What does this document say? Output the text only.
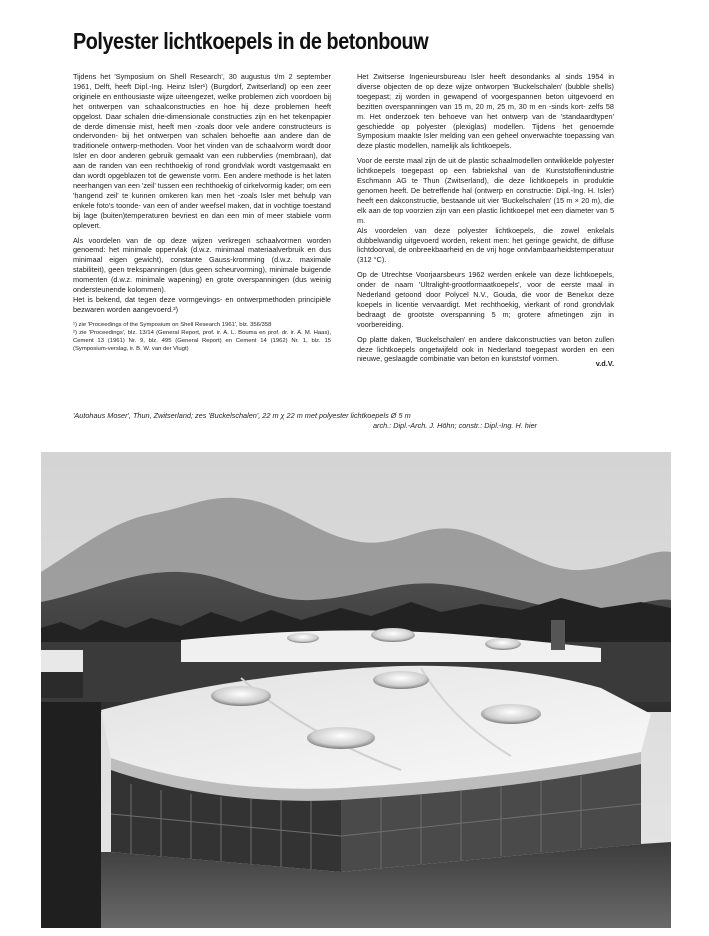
Polyester lichtkoepels in de betonbouw

Tijdens het 'Symposium on Shell Research', 30 augustus t/m 2 september 1961, Delft, heeft Dipl.-Ing. Heinz Isler¹) (Burgdorf, Zwitserland) op een zeer originele en enthousiaste wijze uiteengezet, welke problemen zich voordoen bij het ontwerpen van schaalconstructies en hoe hij deze problemen heeft opgelost. Daar schalen drie-dimensionale constructies zijn en het tekenpapier de derde dimensie mist, heeft men -zoals door vele andere constructeurs is ondervonden- bij het ontwerpen van schalen behoefte aan andere dan de traditionele ontwerp-methoden. Voor het vinden van de schaalvorm wordt door Isler en door anderen gebruik gemaakt van een rubbervlies (membraan), dat aan de randen van een rechthoekig of rond grondvlak wordt vastgemaakt en dan wordt opgeblazen tot de gewenste vorm. Een andere methode is het laten neerhangen van een 'zeil' tussen een rechthoekig of cirkelvormig kader; om een 'hangend zeil' te kunnen omkeren kan men het -zoals Isler met behulp van enkele foto's toonde- van een of ander weefsel maken, dat in vochtige toestand bij lage (buiten)temperaturen bevriest en dan een min of meer stabiele vorm oplevert.

Als voordelen van de op deze wijzen verkregen schaalvormen worden genoemd: het minimale oppervlak (d.w.z. minimaal materiaalverbruik en dus minimaal eigen gewicht), constante Gauss-kromming (d.w.z. maximale stabiliteit), geen trekspanningen (dus geen scheurvorming), minimale buigende momenten (d.w.z. minimale wapening) en grote overspanningen (dus weinig ondersteunende kolommen).

Het is bekend, dat tegen deze vormgevings- en ontwerpmethoden principiële bezwaren worden aangevoerd.²)

¹) zie 'Proceedings of the Symposium on Shell Research 1961', blz. 356/358
²) zie 'Proceedings', blz. 13/14 (General Report, prof. ir. A. L. Bouma en prof. dr. ir. A. M. Haas), Cement 13 (1961) Nr. 9, blz. 495 (General Report) en Cement 14 (1962) Nr. 1, blz. 15 (Symposium-verslag, ir. B. W. van der Vlugt)

Het Zwitserse Ingenieursbureau Isler heeft desondanks al sinds 1954 in diverse objecten de op deze wijze ontworpen 'Buckelschalen' (bubble shells) toegepast; zij worden in gewapend of voorgespannen beton uitgevoerd en bezitten overspanningen van 15 m, 20 m, 25 m, 30 m en -sinds kort- zelfs 58 m. Het onderzoek ten behoeve van het ontwerp van de 'standaardtypen' geschiedde op polyester (plexiglas) modellen. Tijdens het genoemde Symposium maakte Isler melding van een geheel onverwachte toepassing van deze plastic modellen, namelijk als lichtkoepels.

Voor de eerste maal zijn de uit de plastic schaalmodellen ontwikkelde polyester lichtkoepels toegepast op een fabriekshal van de Kunststoffenindustrie Eschmann AG te Thun (Zwitserland), die deze lichtkoepels in produktie genomen heeft. De betreffende hal (ontwerp en constructie: Dipl.-Ing. H. Isler) heeft een dakconstructie, bestaande uit vier 'Buckelschalen' (15 m × 20 m), die elk aan de top voorzien zijn van een plastic lichtkoepel met een diameter van 5 m.

Als voordelen van deze polyester lichtkoepels, die zowel enkelals dubbelwandig uitgevoerd worden, rekent men: het geringe gewicht, de diffuse lichtdoorval, de onbreekbaarheid en de vrij hoge ontvlambaarheidstemperatuur (312 °C).

Op de Utrechtse Voorjaarsbeurs 1962 werden enkele van deze lichtkoepels, onder de naam 'Ultralight-grootformaatkoepels', voor de eerste maal in Nederland getoond door Polycel N.V., Gouda, die voor de Benelux deze koepels in licentie vervaardigt. Met rechthoekig, vierkant of rond grondvlak bedraagt de grootste overspanning 5 m; grotere afmetingen zijn in voorbereiding.

Op platte daken, 'Buckelschalen' en andere dakconstructies van beton zullen deze lichtkoepels ongetwijfeld ook in Nederland toegepast worden en een nieuwe, geslaagde combinatie van beton en kunststof vormen.

v.d.V.
'Autohaus Moser', Thun, Zwitserland; zes 'Buckelschalen', 22 m χ 22 m met polyester lichtkoepels Ø 5 m
arch.: Dipl.-Arch. J. Höhn; constr.: Dipl.-Ing. H. hier
